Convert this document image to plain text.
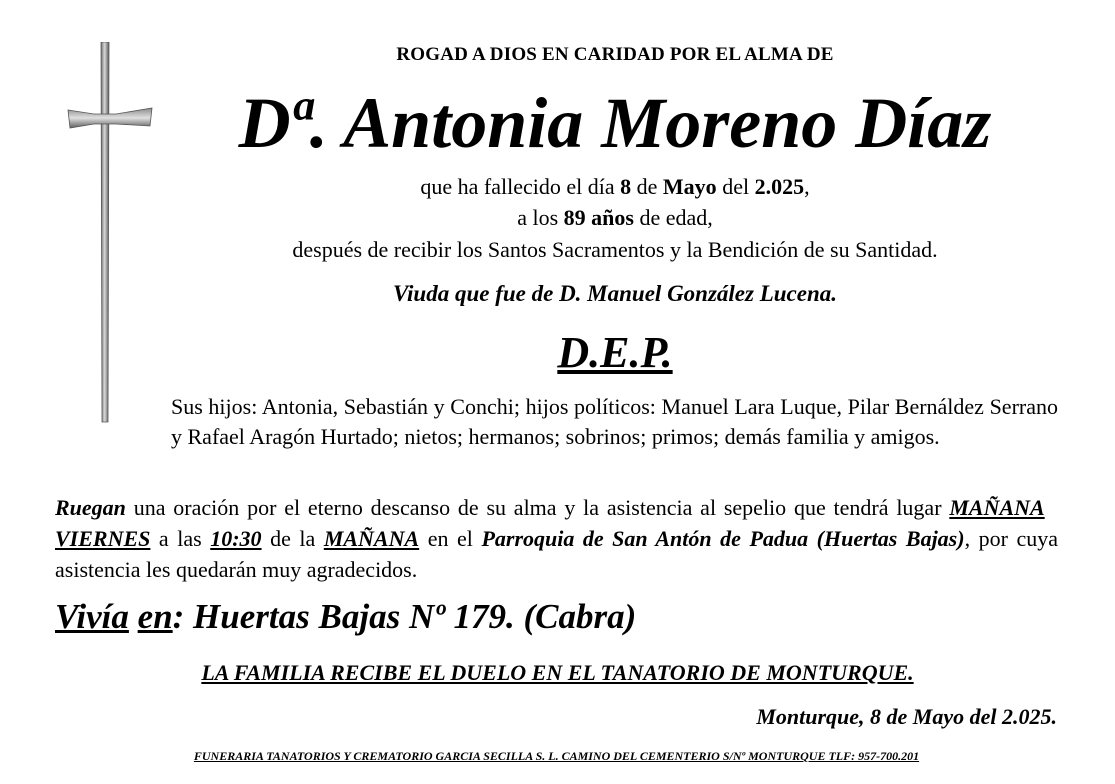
ROGAD A DIOS EN CARIDAD POR EL ALMA DE
Dª. Antonia Moreno Díaz
que ha fallecido el día 8 de Mayo del 2.025,
a los 89 años de edad,
después de recibir los Santos Sacramentos y la Bendición de su Santidad.
Viuda que fue de D. Manuel González Lucena.
D.E.P.
Sus hijos: Antonia, Sebastián y Conchi; hijos políticos: Manuel Lara Luque, Pilar Bernáldez Serrano y Rafael Aragón Hurtado; nietos; hermanos; sobrinos; primos; demás familia y amigos.
Ruegan una oración por el eterno descanso de su alma y la asistencia al sepelio que tendrá lugar MAÑANA   VIERNES a las 10:30 de la MAÑANA en el Parroquia de San Antón de Padua (Huertas Bajas), por cuya asistencia les quedarán muy agradecidos.
Vivía en: Huertas Bajas Nº 179. (Cabra)
LA FAMILIA RECIBE EL DUELO EN EL TANATORIO DE MONTURQUE.
Monturque, 8 de Mayo del 2.025.
FUNERARIA TANATORIOS Y CREMATORIO GARCIA SECILLA S. L. CAMINO DEL CEMENTERIO S/Nº MONTURQUE TLF: 957-700.201
